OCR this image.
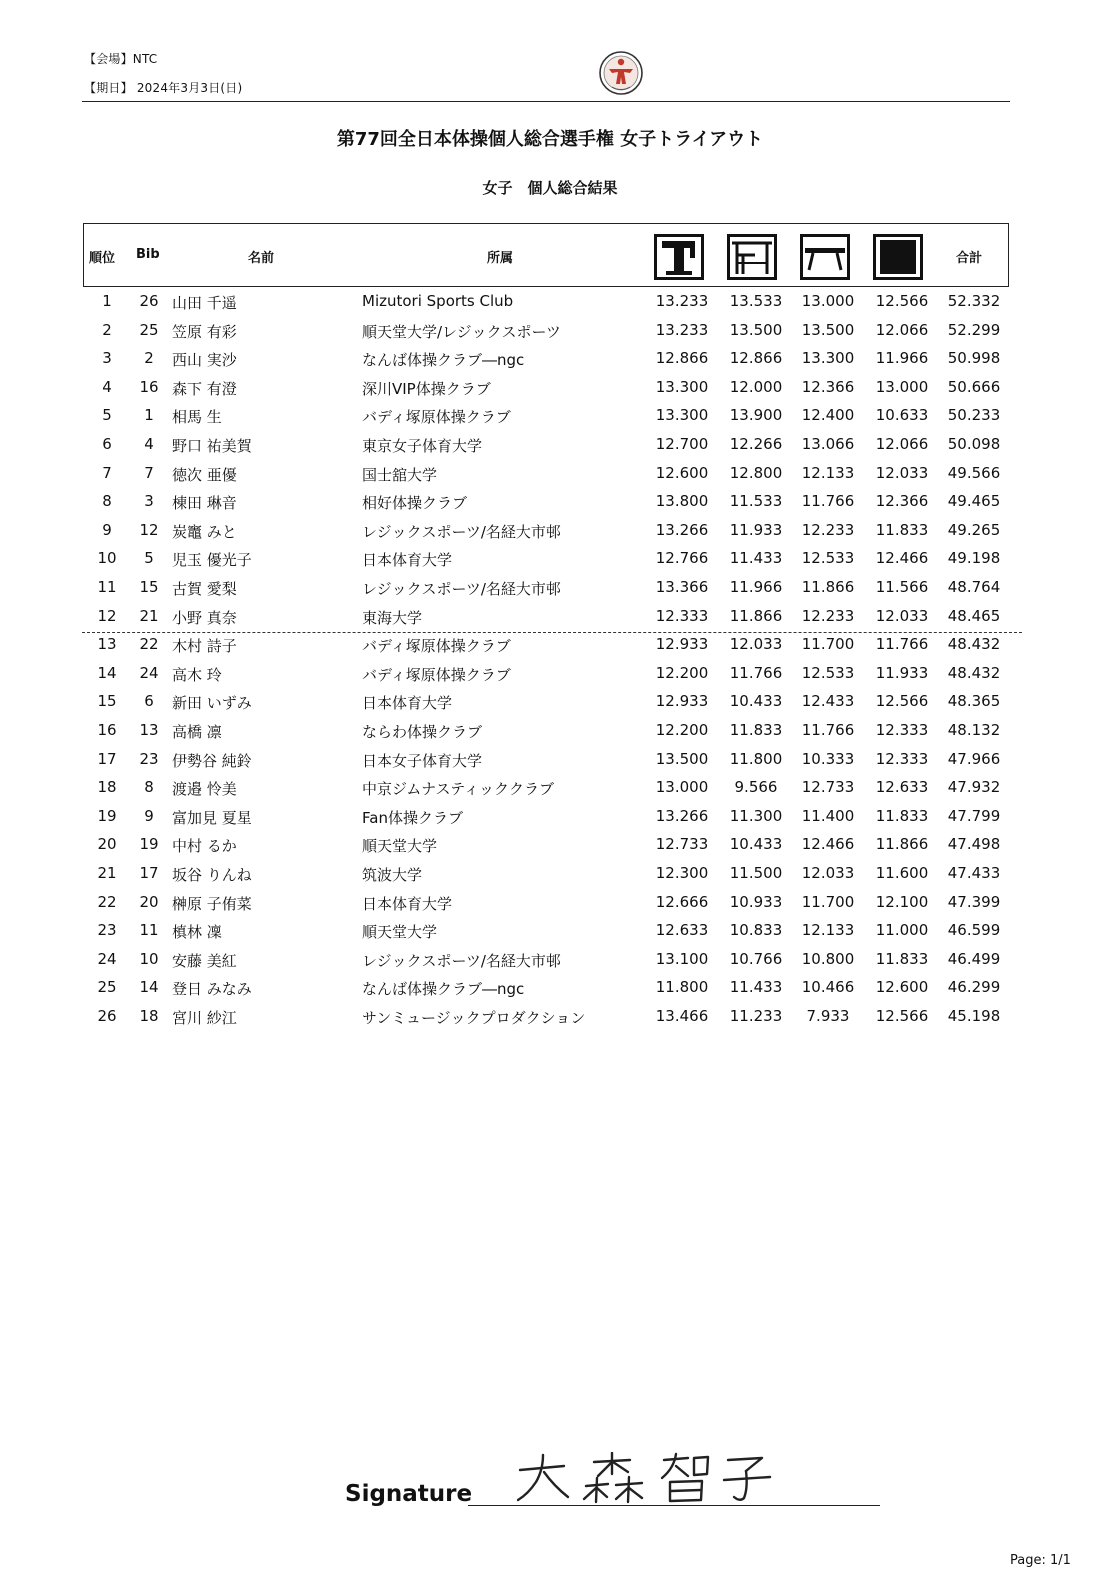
【会場】NTC
【期日】 2024年3月3日(日)
第77回全日本体操個人総合選手権 女子トライアウト
女子　個人総合結果
順位 Bib	名前	所属	合計
1	26 山田 千遥	Mizutori Sports Club	13.233	13.533	13.000	12.566	52.332
2	25 笠原 有彩	順天堂大学/レジックスポーツ	13.233	13.500	13.500	12.066	52.299
3	2	西山 実沙	なんば体操クラブ―ngc	12.866	12.866	13.300	11.966	50.998
4	16 森下 有澄	深川VIP体操クラブ	13.300	12.000	12.366	13.000	50.666
5	1	相馬 生	バディ塚原体操クラブ	13.300	13.900	12.400	10.633	50.233
6	4	野口 祐美賀	東京女子体育大学	12.700	12.266	13.066	12.066	50.098
7	7	徳次 亜優	国士舘大学	12.600	12.800	12.133	12.033	49.566
8	3	棟田 琳音	相好体操クラブ	13.800	11.533	11.766	12.366	49.465
9	12 炭竈 みと	レジックスポーツ/名経大市邨	13.266	11.933	12.233	11.833	49.265
10	5	児玉 優光子	日本体育大学	12.766	11.433	12.533	12.466	49.198
11	15 古賀 愛梨	レジックスポーツ/名経大市邨	13.366	11.966	11.866	11.566	48.764
12	21 小野 真奈	東海大学	12.333	11.866	12.233	12.033	48.465
13	22 木村 詩子	バディ塚原体操クラブ	12.933	12.033	11.700	11.766	48.432
14	24 高木 玲	バディ塚原体操クラブ	12.200	11.766	12.533	11.933	48.432
15	6	新田 いずみ	日本体育大学	12.933	10.433	12.433	12.566	48.365
16	13 高橋 凛	ならわ体操クラブ	12.200	11.833	11.766	12.333	48.132
17	23 伊勢谷 純鈴	日本女子体育大学	13.500	11.800	10.333	12.333	47.966
18	8	渡邉 怜美	中京ジムナスティッククラブ	13.000	9.566	12.733	12.633	47.932
19	9	富加見 夏星	Fan体操クラブ	13.266	11.300	11.400	11.833	47.799
20	19 中村 るか	順天堂大学	12.733	10.433	12.466	11.866	47.498
21	17 坂谷 りんね	筑波大学	12.300	11.500	12.033	11.600	47.433
22	20 榊原 子侑菜	日本体育大学	12.666	10.933	11.700	12.100	47.399
23	11 槙林 凜	順天堂大学	12.633	10.833	12.133	11.000	46.599
24	10 安藤 美紅	レジックスポーツ/名経大市邨	13.100	10.766	10.800	11.833	46.499
25	14 登日 みなみ	なんば体操クラブ―ngc	11.800	11.433	10.466	12.600	46.299
26	18 宮川 紗江	サンミュージックプロダクション	13.466	11.233	7.933	12.566	45.198
Signature
Page: 1/1
